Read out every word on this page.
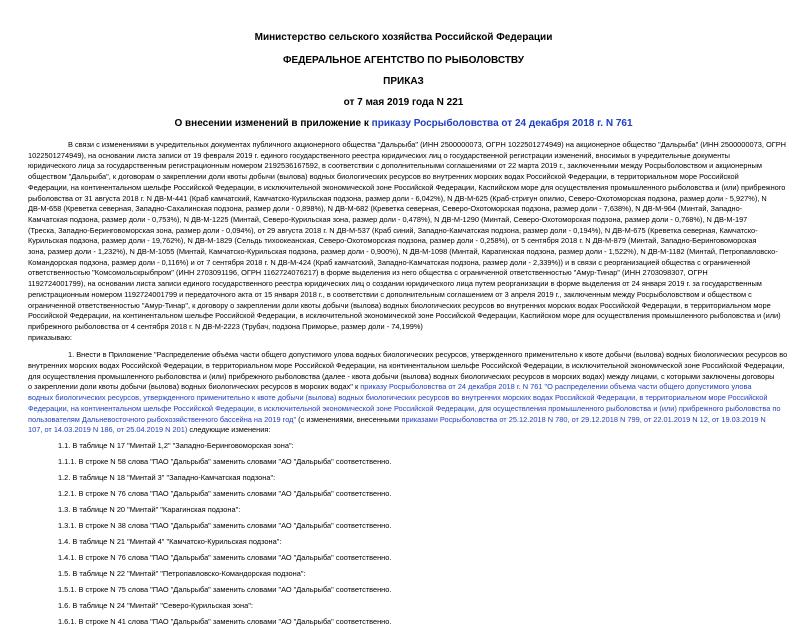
Министерство сельского хозяйства Российской Федерации
ФЕДЕРАЛЬНОЕ АГЕНТСТВО ПО РЫБОЛОВСТВУ
ПРИКАЗ
от 7 мая 2019 года N 221
О внесении изменений в приложение к приказу Росрыболовства от 24 декабря 2018 г. N 761
В связи с изменениями в учредительных документах публичного акционерного общества "Дальрыба" (ИНН 2500000073, ОГРН 1022501274949) на акционерное общество "Дальрыба" (ИНН 2500000073, ОГРН
1022501274949), на основании листа записи от 19 февраля 2019 г. единого государственного реестра юридических лиц о государственной регистрации изменений, вносимых в учредительные документы
юридического лица за государственным регистрационным номером 2192536167592, в соответствии с дополнительными соглашениями от 22 марта 2019 г., заключенными между Росрыболовством и акционерным
обществом "Дальрыба", к договорам о закреплении доли квоты добычи (вылова) водных биологических ресурсов во внутренних морских водах Российской Федерации, в территориальном море Российской
Федерации, на континентальном шельфе Российской Федерации, в исключительной экономической зоне Российской Федерации, Каспийском море для осуществления промышленного рыболовства и (или) прибрежного
рыболовства от 31 августа 2018 г. N ДВ-М-441 (Краб камчатский, Камчатско-Курильская подзона, размер доли - 6,042%), N ДВ-М-625 (Краб-стригун опилио, Северо-Охотоморская подзона, размер доли - 5,927%), N
ДВ-М-658 (Креветка северная, Западно-Сахалинская подзона, размер доли - 0,898%), N ДВ-М-682 (Креветка северная, Северо-Охотоморская подзона, размер доли - 7,638%), N ДВ-М-964 (Минтай, Западно-
Камчатская подзона, размер доли - 0,753%), N ДВ-М-1225 (Минтай, Северо-Курильская зона, размер доли - 0,478%), N ДВ-М-1290 (Минтай, Северо-Охотоморская подзона, размер доли - 0,768%), N ДВ-М-197
(Треска, Западно-Беринговоморская зона, размер доли - 0,094%), от 29 августа 2018 г. N ДВ-М-537 (Краб синий, Западно-Камчатская подзона, размер доли - 0,194%), N ДВ-М-675 (Креветка северная, Камчатско-
Курильская подзона, размер доли - 19,762%), N ДВ-М-1829 (Сельдь тихоокеанская, Северо-Охотоморская подзона, размер доли - 0,258%), от 5 сентября 2018 г. N ДВ-М-879 (Минтай, Западно-Беринговоморская
зона, размер доли - 1,232%), N ДВ-М-1055 (Минтай, Камчатско-Курильская подзона, размер доли - 0,900%), N ДВ-М-1098 (Минтай, Карагинская подзона, размер доли - 1,522%), N ДВ-М-1182 (Минтай, Петропавловско-
Командорская подзона, размер доли - 0,116%) и от 7 сентября 2018 г. N ДВ-М-424 (Краб камчатский, Западно-Камчатская подзона, размер доли - 2,339%)) и в связи с реорганизацией общества с ограниченной
ответственностью "Комсомольскрыбпром" (ИНН 2703091196, ОГРН 1162724076217) в форме выделения из него общества с ограниченной ответственностью "Амур-Тинар" (ИНН 2703098307, ОГРН
1192724001799), на основании листа записи единого государственного реестра юридических лиц о создании юридического лица путем реорганизации в форме выделения от 24 января 2019 г. за государственным
регистрационным номером 1192724001799 и передаточного акта от 15 января 2018 г., в соответствии с дополнительным соглашением от 3 апреля 2019 г., заключенным между Росрыболовством и обществом с
ограниченной ответственностью "Амур-Тинар", к договору о закреплении доли квоты добычи (вылова) водных биологических ресурсов во внутренних морских водах Российской Федерации, в территориальном море
Российской Федерации, на континентальном шельфе Российской Федерации, в исключительной экономической зоне Российской Федерации, Каспийском море для осуществления промышленного рыболовства и (или)
прибрежного рыболовства от 4 сентября 2018 г. N ДВ-М-2223 (Трубач, подзона Приморье, размер доли - 74,199%)
приказываю:
1. Внести в Приложение "Распределение объёма части общего допустимого улова водных биологических ресурсов, утвержденного применительно к квоте добычи (вылова) водных биологических ресурсов во
внутренних морских водах Российской Федерации, в территориальном море Российской Федерации, на континентальном шельфе Российской Федерации, в исключительной экономической зоне Российской Федерации,
для осуществления промышленного рыболовства и (или) прибрежного рыболовства (далее - квота добычи (вылова) водных биологических ресурсов в морских водах) между лицами, с которыми заключены договоры
о закреплении доли квоты добычи (вылова) водных биологических ресурсов в морских водах" к приказу Росрыболовства от 24 декабря 2018 г. N 761 "О распределении объема части общего допустимого улова
водных биологических ресурсов, утвержденного применительно к квоте добычи (вылова) водных биологических ресурсов во внутренних морских водах Российской Федерации, в территориальном море Российской
Федерации, на континентальном шельфе Российской Федерации, в исключительной экономической зоне Российской Федерации, для осуществления промышленного рыболовства и (или) прибрежного рыболовства по
пользователям Дальневосточного рыбохозяйственного бассейна на 2019 год" (с изменениями, внесенными приказами Росрыболовства от 25.12.2018 N 780, от 29.12.2018 N 799, от 22.01.2019 N 12, от 19.03.2019 N
107, от 14.03.2019 N 186, от 25.04.2019 N 201) следующие изменения:
1.1. В таблице N 17 "Минтай 1,2" "Западно-Беринговоморская зона":
1.1.1. В строке N 58 слова "ПАО "Дальрыба" заменить словами "АО "Дальрыба" соответственно.
1.2. В таблице N 18 "Минтай 3" "Западно-Камчатская подзона":
1.2.1. В строке N 76 слова "ПАО "Дальрыба" заменить словами "АО "Дальрыба" соответственно.
1.3. В таблице N 20 "Минтай" "Карагинская подзона":
1.3.1. В строке N 38 слова "ПАО "Дальрыба" заменить словами "АО "Дальрыба" соответственно.
1.4. В таблице N 21 "Минтай 4" "Камчатско-Курильская подзона":
1.4.1. В строке N 76 слова "ПАО "Дальрыба" заменить словами "АО "Дальрыба" соответственно.
1.5. В таблице N 22 "Минтай" "Петропавловско-Командорская подзона":
1.5.1. В строке N 75 слова "ПАО "Дальрыба" заменить словами "АО "Дальрыба" соответственно.
1.6. В таблице N 24 "Минтай" "Северо-Курильская зона":
1.6.1. В строке N 41 слова "ПАО "Дальрыба" заменить словами "АО "Дальрыба" соответственно.
